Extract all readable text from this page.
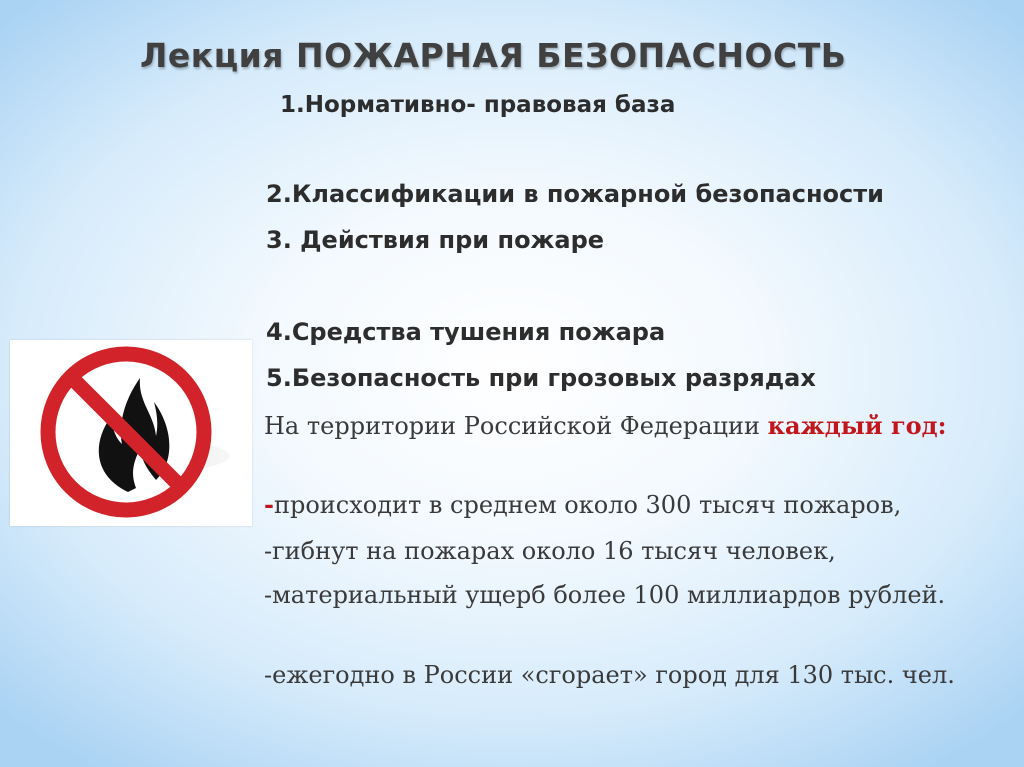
Лекция ПОЖАРНАЯ БЕЗОПАСНОСТЬ

1.Нормативно- правовая база

2.Классификации в пожарной безопасности

3. Действия при пожаре

4.Средства тушения пожара

5.Безопасность при грозовых разрядах

На территории Российской Федерации каждый год:

-происходит в среднем около 300 тысяч пожаров,

-гибнут на пожарах около 16 тысяч человек,

-материальный ущерб более 100 миллиардов рублей.

-ежегодно в России «сгорает» город для 130 тыс. чел.
